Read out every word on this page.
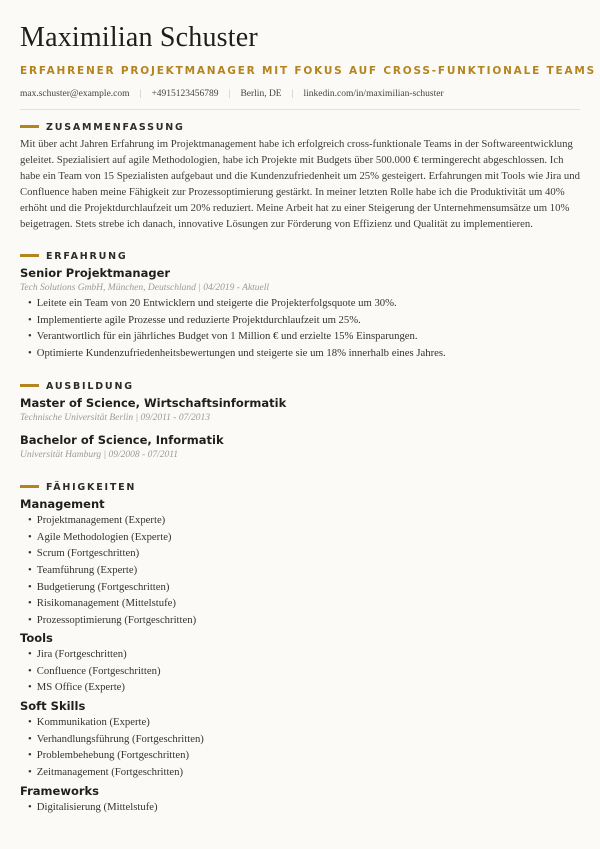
Maximilian Schuster
ERFAHRENER PROJEKTMANAGER MIT FOKUS AUF CROSS-FUNKTIONALE TEAMS
max.schuster@example.com | +4915123456789 | Berlin, DE | linkedin.com/in/maximilian-schuster
ZUSAMMENFASSUNG
Mit über acht Jahren Erfahrung im Projektmanagement habe ich erfolgreich cross-funktionale Teams in der Softwareentwicklung geleitet. Spezialisiert auf agile Methodologien, habe ich Projekte mit Budgets über 500.000 € termingerecht abgeschlossen. Ich habe ein Team von 15 Spezialisten aufgebaut und die Kundenzufriedenheit um 25% gesteigert. Erfahrungen mit Tools wie Jira und Confluence haben meine Fähigkeit zur Prozessoptimierung gestärkt. In meiner letzten Rolle habe ich die Produktivität um 40% erhöht und die Projektdurchlaufzeit um 20% reduziert. Meine Arbeit hat zu einer Steigerung der Unternehmensumsätze um 10% beigetragen. Stets strebe ich danach, innovative Lösungen zur Förderung von Effizienz und Qualität zu implementieren.
ERFAHRUNG
Senior Projektmanager
Tech Solutions GmbH, München, Deutschland | 04/2019 - Aktuell
• Leitete ein Team von 20 Entwicklern und steigerte die Projekterfolgsquote um 30%.
• Implementierte agile Prozesse und reduzierte Projektdurchlaufzeit um 25%.
• Verantwortlich für ein jährliches Budget von 1 Million € und erzielte 15% Einsparungen.
• Optimierte Kundenzufriedenheitsbewertungen und steigerte sie um 18% innerhalb eines Jahres.
AUSBILDUNG
Master of Science, Wirtschaftsinformatik
Technische Universität Berlin | 09/2011 - 07/2013
Bachelor of Science, Informatik
Universität Hamburg | 09/2008 - 07/2011
FÄHIGKEITEN
Management
• Projektmanagement (Experte)
• Agile Methodologien (Experte)
• Scrum (Fortgeschritten)
• Teamführung (Experte)
• Budgetierung (Fortgeschritten)
• Risikomanagement (Mittelstufe)
• Prozessoptimierung (Fortgeschritten)
Tools
• Jira (Fortgeschritten)
• Confluence (Fortgeschritten)
• MS Office (Experte)
Soft Skills
• Kommunikation (Experte)
• Verhandlungsführung (Fortgeschritten)
• Problembehebung (Fortgeschritten)
• Zeitmanagement (Fortgeschritten)
Frameworks
• Digitalisierung (Mittelstufe)
